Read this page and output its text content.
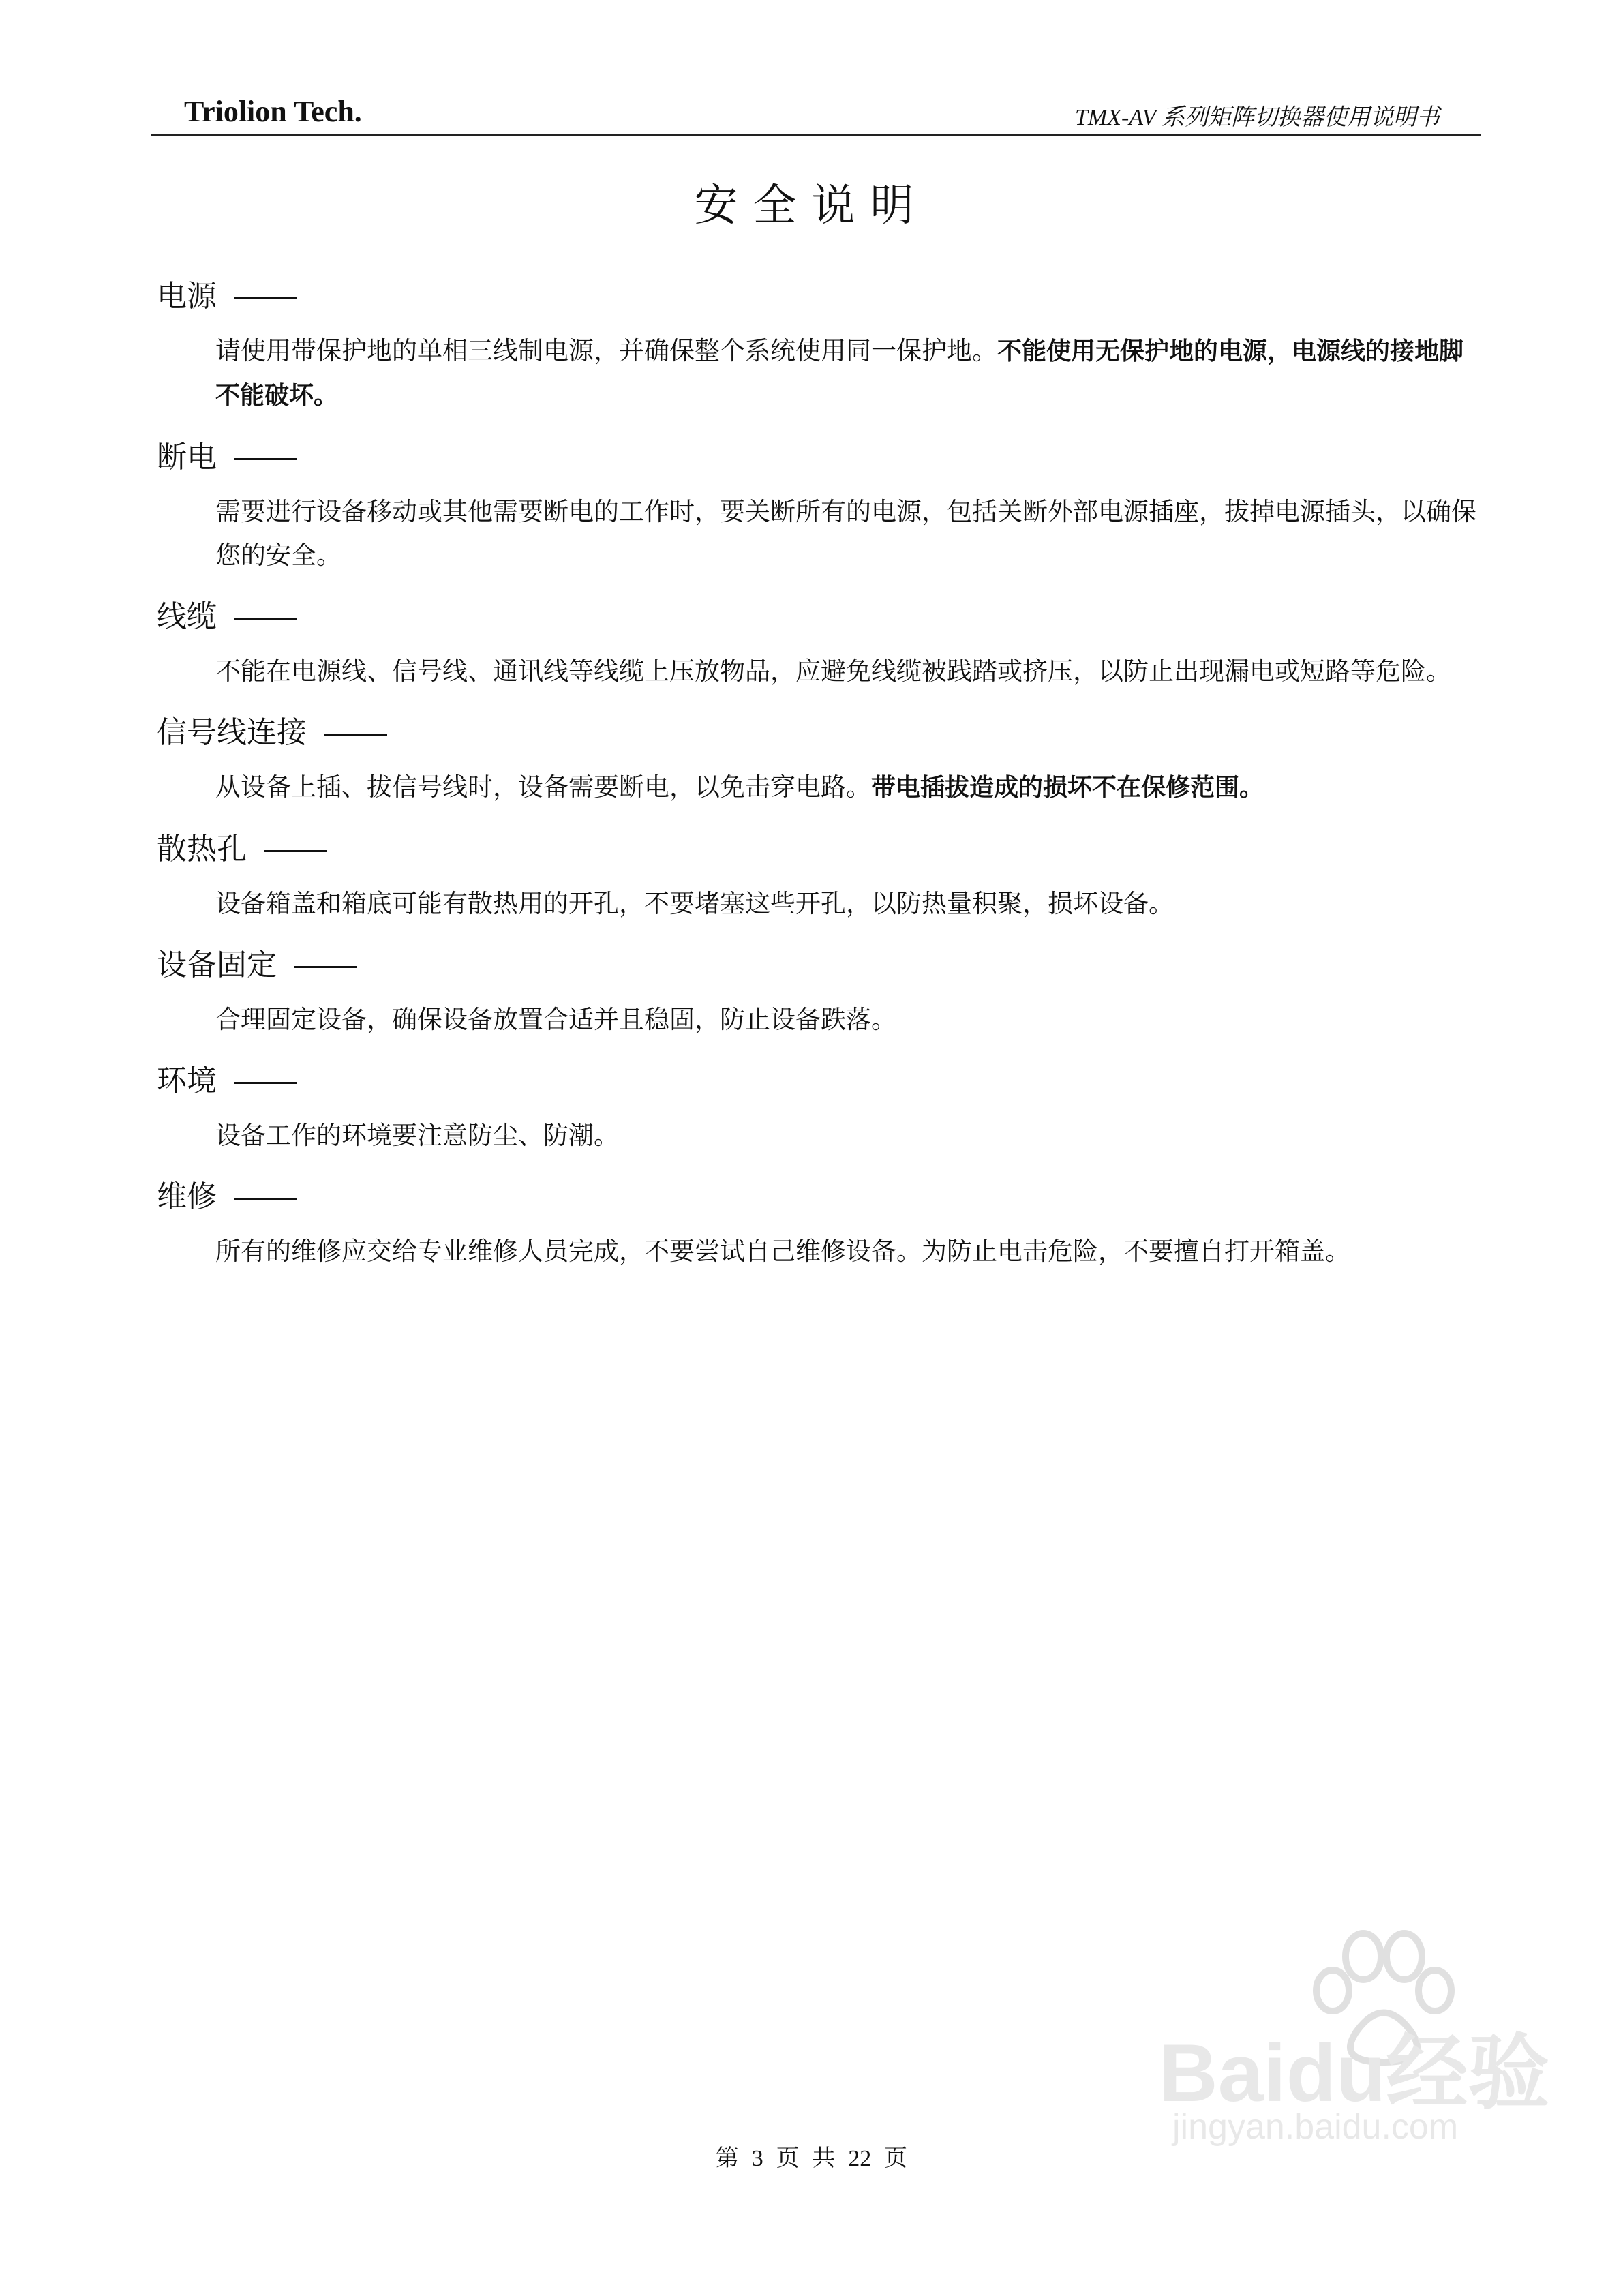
Triolion Tech.	TMX-AV 系列矩阵切换器使用说明书
安全说明
电源
请使用带保护地的单相三线制电源，并确保整个系统使用同一保护地。不能使用无保护地的电源，电源线的接地脚不能破坏。
断电
需要进行设备移动或其他需要断电的工作时，要关断所有的电源，包括关断外部电源插座，拔掉电源插头，以确保您的安全。
线缆
不能在电源线、信号线、通讯线等线缆上压放物品，应避免线缆被践踏或挤压，以防止出现漏电或短路等危险。
信号线连接
从设备上插、拔信号线时，设备需要断电，以免击穿电路。带电插拔造成的损坏不在保修范围。
散热孔
设备箱盖和箱底可能有散热用的开孔，不要堵塞这些开孔，以防热量积聚，损坏设备。
设备固定
合理固定设备，确保设备放置合适并且稳固，防止设备跌落。
环境
设备工作的环境要注意防尘、防潮。
维修
所有的维修应交给专业维修人员完成，不要尝试自己维修设备。为防止电击危险，不要擅自打开箱盖。
第 3 页 共 22 页
Baidu经验
jingyan.baidu.com
